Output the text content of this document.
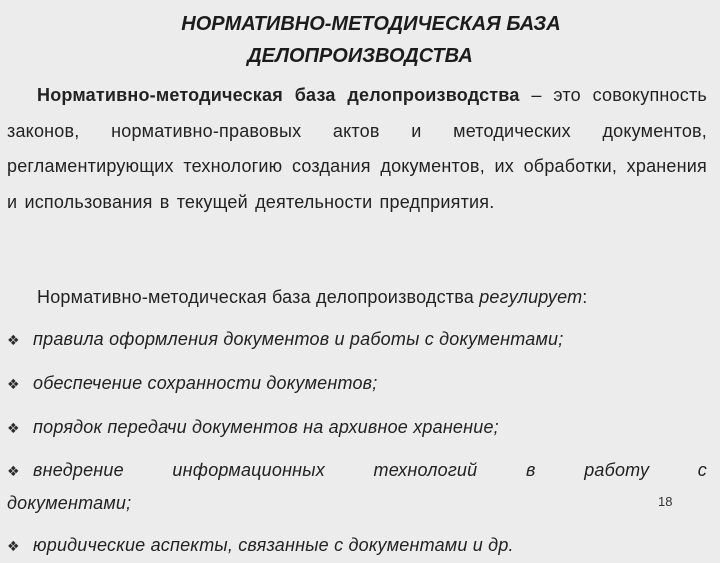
НОРМАТИВНО-МЕТОДИЧЕСКАЯ БАЗА
ДЕЛОПРОИЗВОДСТВА
Нормативно-методическая база делопроизводства – это совокупность законов, нормативно-правовых актов и методических документов, регламентирующих технологию создания документов, их обработки, хранения и использования в текущей деятельности предприятия.
Нормативно-методическая база делопроизводства регулирует:
❖ правила оформления документов и работы с документами;
❖ обеспечение сохранности документов;
❖ порядок передачи документов на архивное хранение;
❖ внедрение информационных технологий в работу с документами;
❖ юридические аспекты, связанные с документами и др.
18
